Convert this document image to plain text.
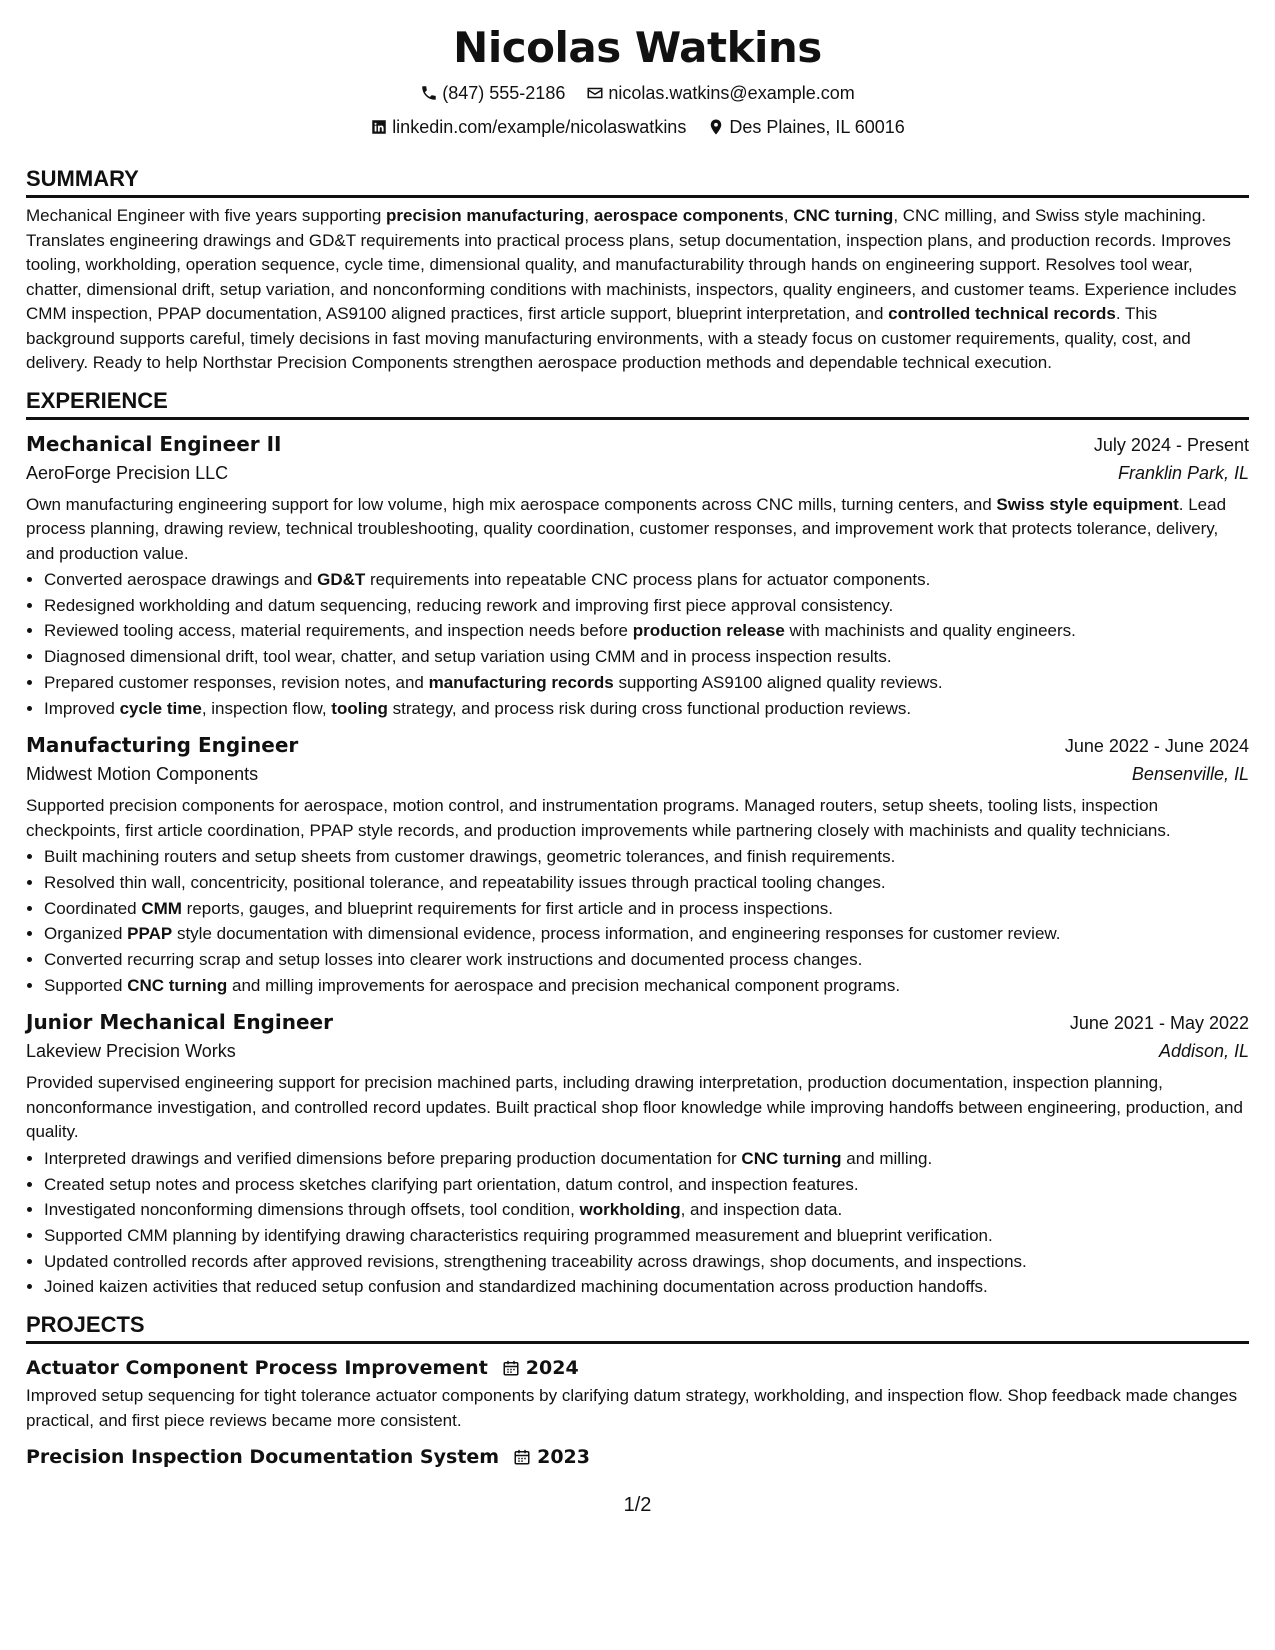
Nicolas Watkins
(847) 555-2186
nicolas.watkins@example.com
linkedin.com/example/nicolaswatkins
Des Plaines, IL 60016
SUMMARY

Mechanical Engineer with five years supporting precision manufacturing, aerospace components, CNC turning, CNC milling, and Swiss style machining. Translates engineering drawings and GD&T requirements into practical process plans, setup documentation, inspection plans, and production records. Improves tooling, workholding, operation sequence, cycle time, dimensional quality, and manufacturability through hands on engineering support. Resolves tool wear, chatter, dimensional drift, setup variation, and nonconforming conditions with machinists, inspectors, quality engineers, and customer teams. Experience includes CMM inspection, PPAP documentation, AS9100 aligned practices, first article support, blueprint interpretation, and controlled technical records. This background supports careful, timely decisions in fast moving manufacturing environments, with a steady focus on customer requirements, quality, cost, and delivery. Ready to help Northstar Precision Components strengthen aerospace production methods and dependable technical execution.

EXPERIENCE
Mechanical Engineer II	July 2024 - Present
AeroForge Precision LLC	Franklin Park, IL

Own manufacturing engineering support for low volume, high mix aerospace components across CNC mills, turning centers, and Swiss style equipment. Lead process planning, drawing review, technical troubleshooting, quality coordination, customer responses, and improvement work that protects tolerance, delivery, and production value.

• Converted aerospace drawings and GD&T requirements into repeatable CNC process plans for actuator components.
• Redesigned workholding and datum sequencing, reducing rework and improving first piece approval consistency.
• Reviewed tooling access, material requirements, and inspection needs before production release with machinists and quality engineers.
• Diagnosed dimensional drift, tool wear, chatter, and setup variation using CMM and in process inspection results.
• Prepared customer responses, revision notes, and manufacturing records supporting AS9100 aligned quality reviews.
• Improved cycle time, inspection flow, tooling strategy, and process risk during cross functional production reviews.
Manufacturing Engineer	June 2022 - June 2024
Midwest Motion Components	Bensenville, IL

Supported precision components for aerospace, motion control, and instrumentation programs. Managed routers, setup sheets, tooling lists, inspection checkpoints, first article coordination, PPAP style records, and production improvements while partnering closely with machinists and quality technicians.

• Built machining routers and setup sheets from customer drawings, geometric tolerances, and finish requirements.
• Resolved thin wall, concentricity, positional tolerance, and repeatability issues through practical tooling changes.
• Coordinated CMM reports, gauges, and blueprint requirements for first article and in process inspections.
• Organized PPAP style documentation with dimensional evidence, process information, and engineering responses for customer review.
• Converted recurring scrap and setup losses into clearer work instructions and documented process changes.
• Supported CNC turning and milling improvements for aerospace and precision mechanical component programs.
Junior Mechanical Engineer	June 2021 - May 2022
Lakeview Precision Works	Addison, IL

Provided supervised engineering support for precision machined parts, including drawing interpretation, production documentation, inspection planning, nonconformance investigation, and controlled record updates. Built practical shop floor knowledge while improving handoffs between engineering, production, and quality.

• Interpreted drawings and verified dimensions before preparing production documentation for CNC turning and milling.
• Created setup notes and process sketches clarifying part orientation, datum control, and inspection features.
• Investigated nonconforming dimensions through offsets, tool condition, workholding, and inspection data.
• Supported CMM planning by identifying drawing characteristics requiring programmed measurement and blueprint verification.
• Updated controlled records after approved revisions, strengthening traceability across drawings, shop documents, and inspections.
• Joined kaizen activities that reduced setup confusion and standardized machining documentation across production handoffs.
PROJECTS
Actuator Component Process Improvement 2024

Improved setup sequencing for tight tolerance actuator components by clarifying datum strategy, workholding, and inspection flow. Shop feedback made changes practical, and first piece reviews became more consistent.

Precision Inspection Documentation System 2023
1/2
